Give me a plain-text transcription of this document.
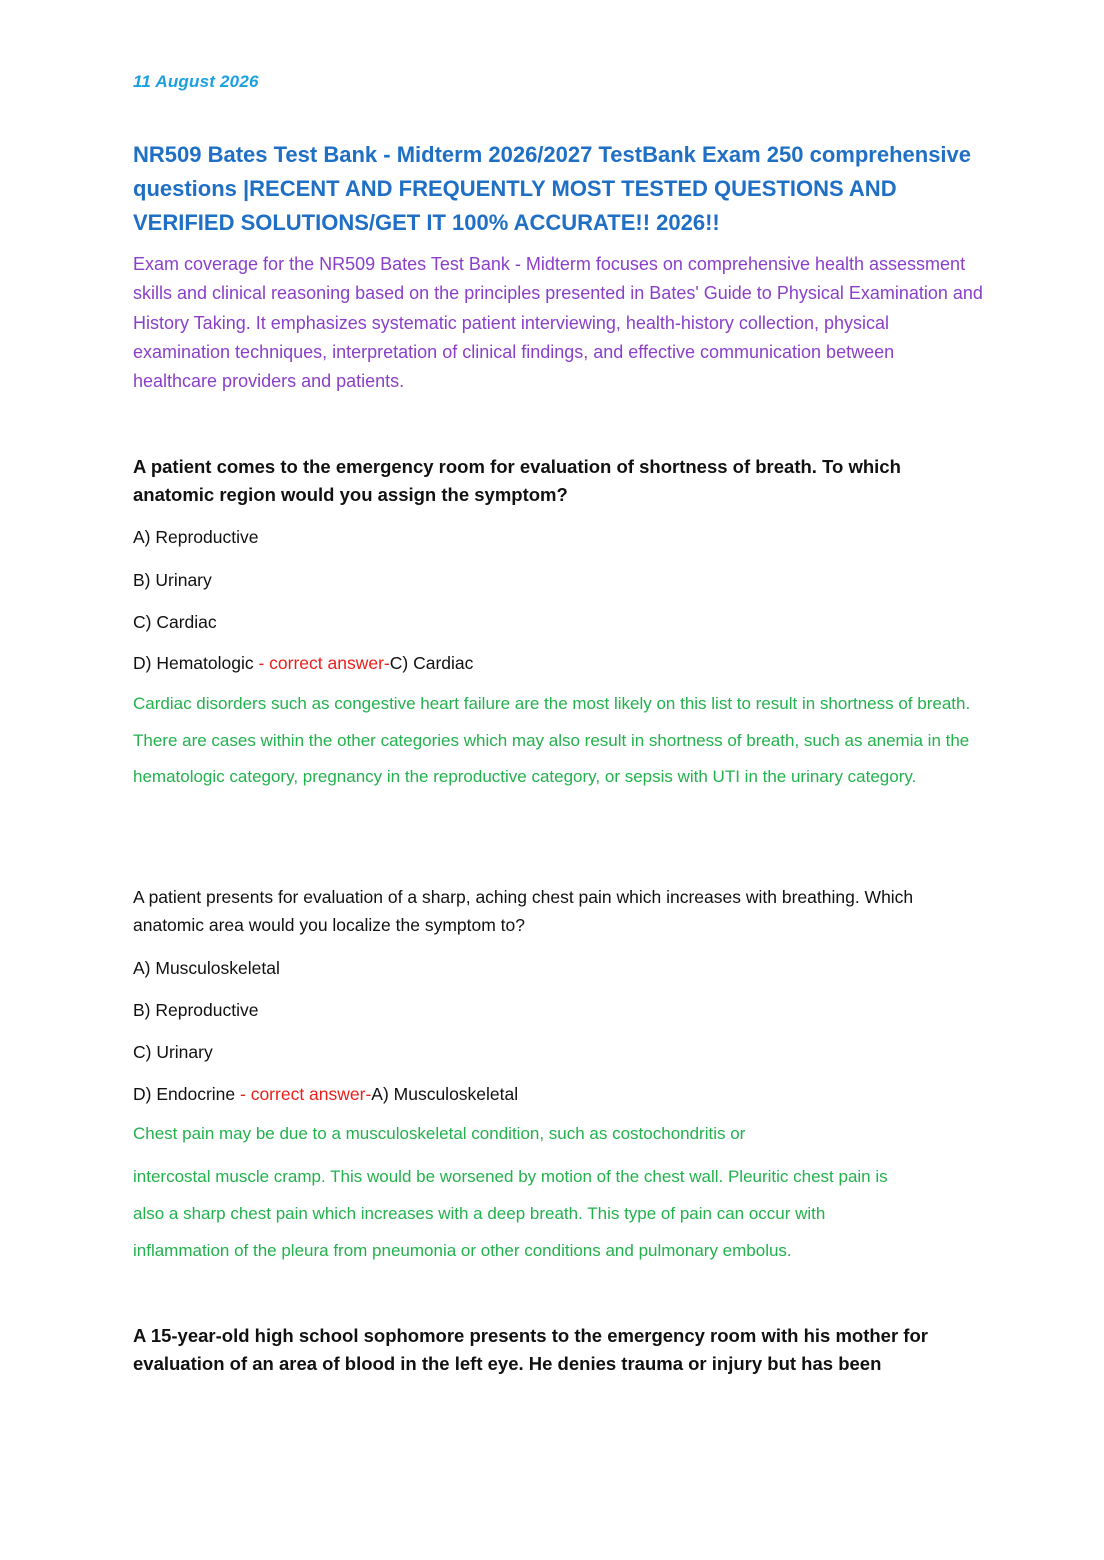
11 August 2026
NR509 Bates Test Bank - Midterm 2026/2027 TestBank Exam 250 comprehensive questions |RECENT AND FREQUENTLY MOST TESTED QUESTIONS AND VERIFIED SOLUTIONS/GET IT 100% ACCURATE!! 2026!!
Exam coverage for the NR509 Bates Test Bank - Midterm focuses on comprehensive health assessment skills and clinical reasoning based on the principles presented in Bates' Guide to Physical Examination and History Taking. It emphasizes systematic patient interviewing, health-history collection, physical examination techniques, interpretation of clinical findings, and effective communication between healthcare providers and patients.
A patient comes to the emergency room for evaluation of shortness of breath. To which anatomic region would you assign the symptom?
A) Reproductive
B) Urinary
C) Cardiac
D) Hematologic - correct answer-C) Cardiac
Cardiac disorders such as congestive heart failure are the most likely on this list to result in shortness of breath. There are cases within the other categories which may also result in shortness of breath, such as anemia in the hematologic category, pregnancy in the reproductive category, or sepsis with UTI in the urinary category.
A patient presents for evaluation of a sharp, aching chest pain which increases with breathing. Which anatomic area would you localize the symptom to?
A) Musculoskeletal
B) Reproductive
C) Urinary
D) Endocrine - correct answer-A) Musculoskeletal
Chest pain may be due to a musculoskeletal condition, such as costochondritis or
intercostal muscle cramp. This would be worsened by motion of the chest wall. Pleuritic chest pain is
also a sharp chest pain which increases with a deep breath. This type of pain can occur with
inflammation of the pleura from pneumonia or other conditions and pulmonary embolus.
A 15-year-old high school sophomore presents to the emergency room with his mother for evaluation of an area of blood in the left eye. He denies trauma or injury but has been
